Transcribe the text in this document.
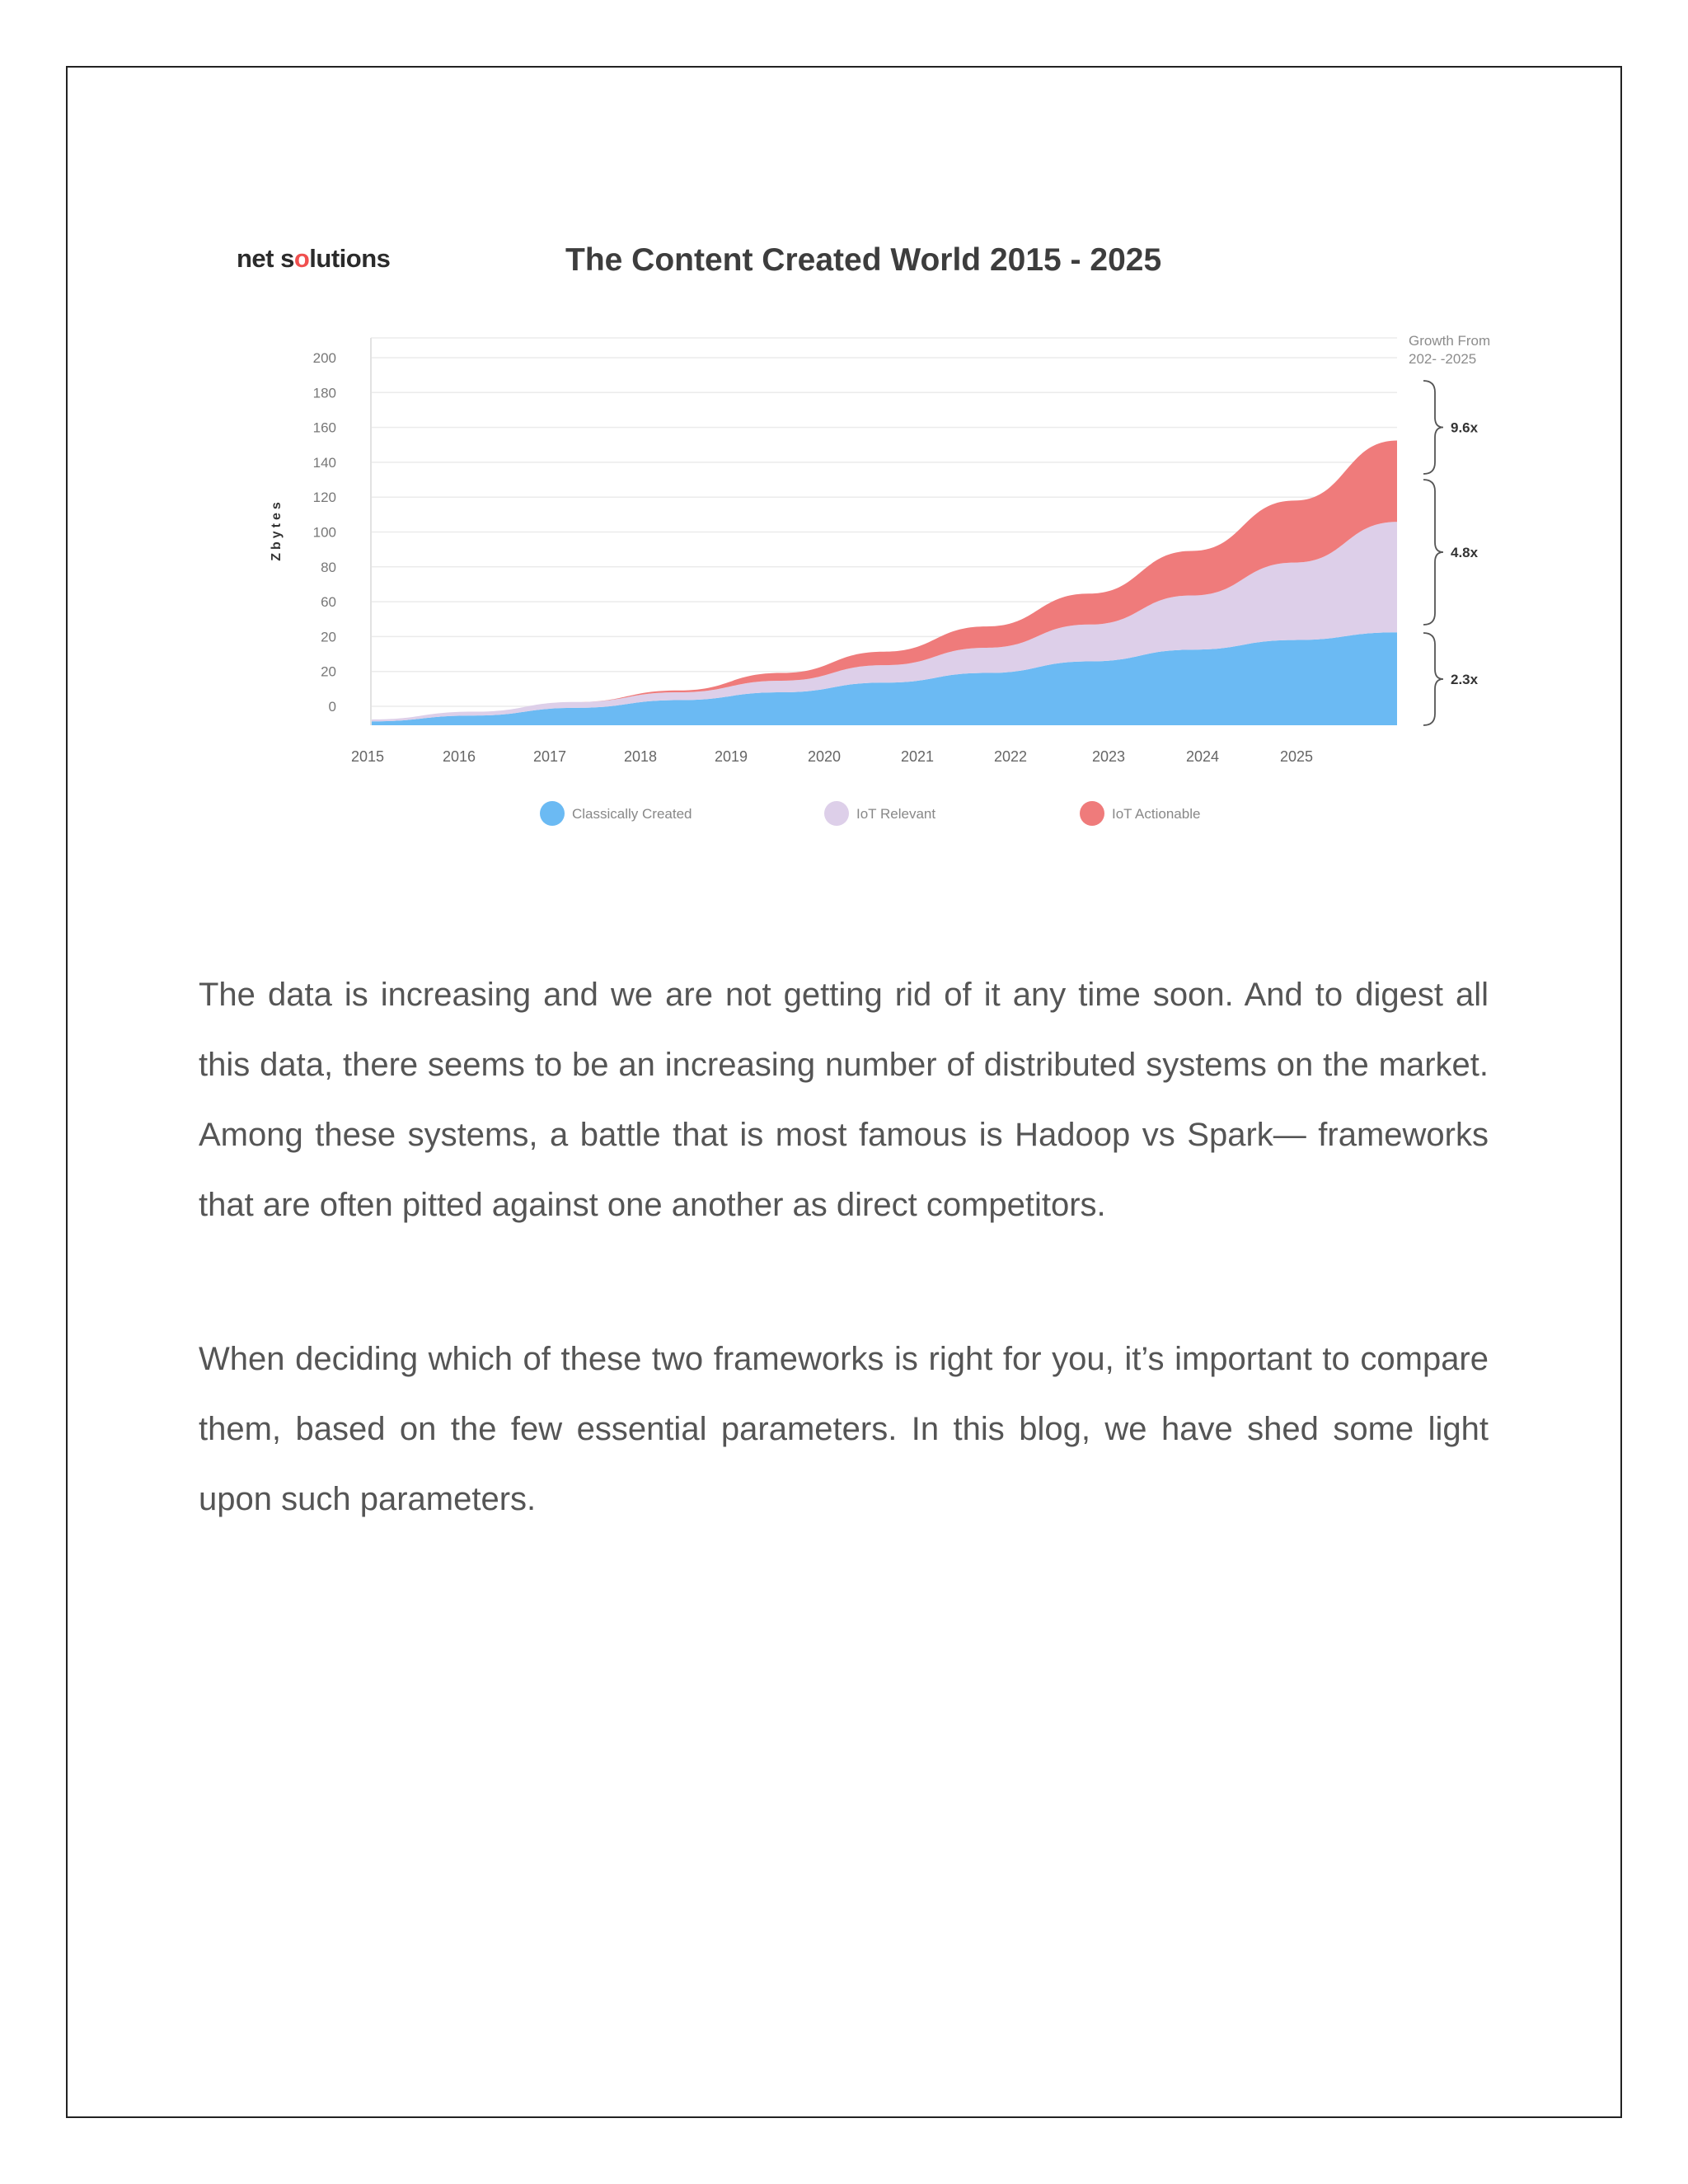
net solutions	The Content Created World 2015 - 2025
0
20
20
60
80
100
120
140
160
180
200
2015	2016	2017	2018	2019	2020	2021	2022	2023	2024	2025
Zbytes
Growth From
202- -2025
9.6x
4.8x
2.3x
Classically Created	IoT Relevant	IoT Actionable

The data is increasing and we are not getting rid of it any time soon. And to digest all this data, there seems to be an increasing number of distributed systems on the market. Among these systems, a battle that is most famous is Hadoop vs Spark— frameworks that are often pitted against one another as direct competitors.

When deciding which of these two frameworks is right for you, it’s important to compare them, based on the few essential parameters. In this blog, we have shed some light upon such parameters.
